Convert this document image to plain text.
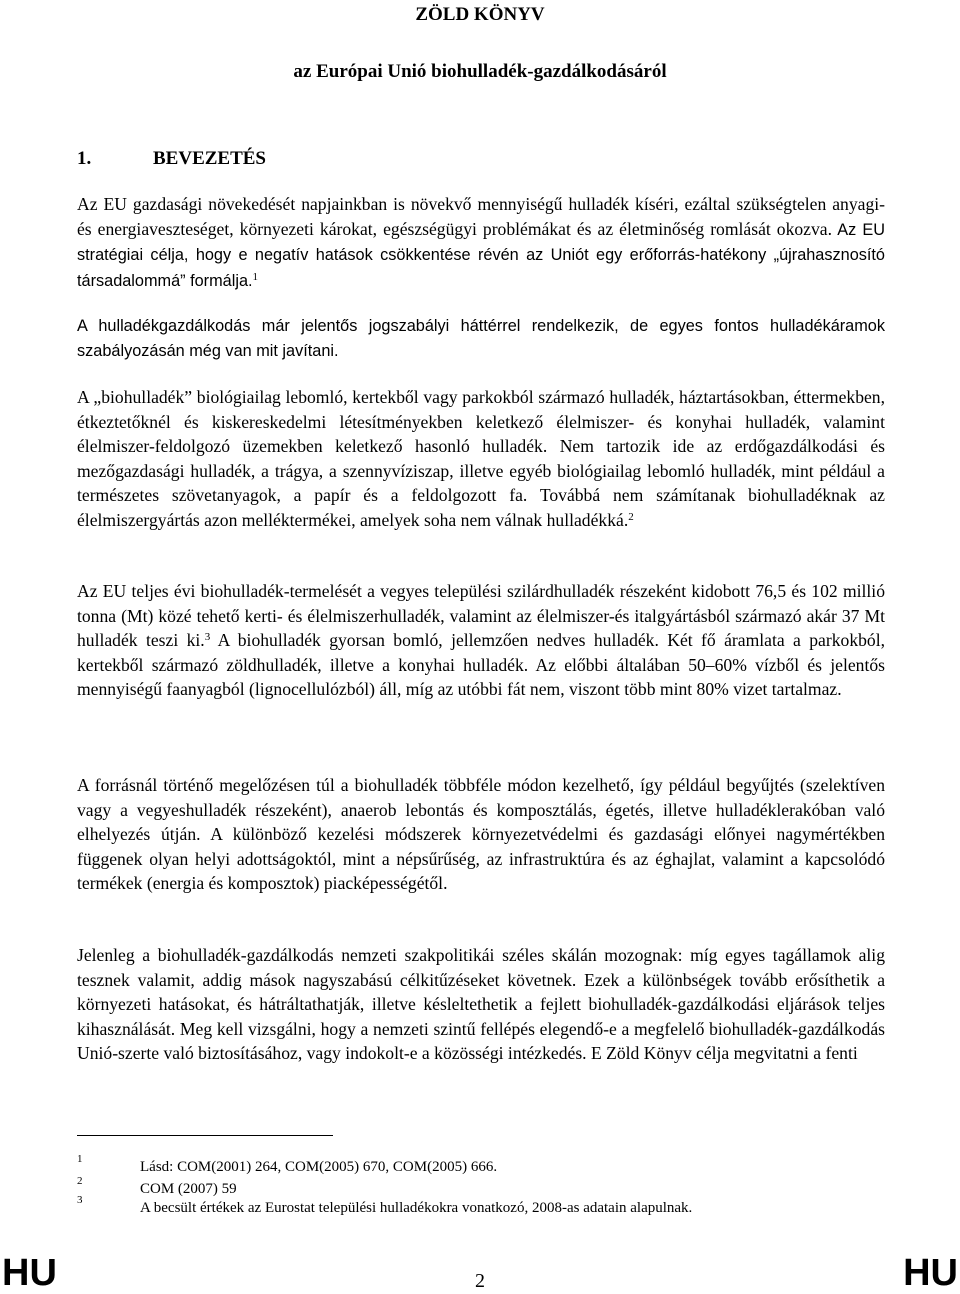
ZÖLD KÖNYV
az Európai Unió biohulladék-gazdálkodásáról
1.	BEVEZETÉS

Az EU gazdasági növekedését napjainkban is növekvő mennyiségű hulladék kíséri, ezáltal szükségtelen anyagi- és energiaveszteséget, környezeti károkat, egészségügyi problémákat és az életminőség romlását okozva. Az EU stratégiai célja, hogy e negatív hatások csökkentése révén az Uniót egy erőforrás-hatékony „újrahasznosító társadalommá” formálja.$^1$

A hulladékgazdálkodás már jelentős jogszabályi háttérrel rendelkezik, de egyes fontos hulladékáramok szabályozásán még van mit javítani.

A „biohulladék” biológiailag lebomló, kertekből vagy parkokból származó hulladék, háztartásokban, éttermekben, étkeztetőknél és kiskereskedelmi létesítményekben keletkező élelmiszer- és konyhai hulladék, valamint élelmiszer-feldolgozó üzemekben keletkező hasonló hulladék. Nem tartozik ide az erdőgazdálkodási és mezőgazdasági hulladék, a trágya, a szennyvíziszap, illetve egyéb biológiailag lebomló hulladék, mint például a természetes szövetanyagok, a papír és a feldolgozott fa. Továbbá nem számítanak biohulladéknak az élelmiszergyártás azon melléktermékei, amelyek soha nem válnak hulladékká.$^2$

Az EU teljes évi biohulladék-termelését a vegyes települési szilárdhulladék részeként kidobott 76,5 és 102 millió tonna (Mt) közé tehető kerti- és élelmiszerhulladék, valamint az élelmiszer-és italgyártásból származó akár 37 Mt hulladék teszi ki.$^3$ A biohulladék gyorsan bomló, jellemzően nedves hulladék. Két fő áramlata a parkokból, kertekből származó zöldhulladék, illetve a konyhai hulladék. Az előbbi általában 50–60% vízből és jelentős mennyiségű faanyagból (lignocellulózból) áll, míg az utóbbi fát nem, viszont több mint 80% vizet tartalmaz.

A forrásnál történő megelőzésen túl a biohulladék többféle módon kezelhető, így például begyűjtés (szelektíven vagy a vegyeshulladék részeként), anaerob lebontás és komposztálás, égetés, illetve hulladéklerakóban való elhelyezés útján. A különböző kezelési módszerek környezetvédelmi és gazdasági előnyei nagymértékben függenek olyan helyi adottságoktól, mint a népsűrűség, az infrastruktúra és az éghajlat, valamint a kapcsolódó termékek (energia és komposztok) piacképességétől.

Jelenleg a biohulladék-gazdálkodás nemzeti szakpolitikái széles skálán mozognak: míg egyes tagállamok alig tesznek valamit, addig mások nagyszabású célkitűzéseket követnek. Ezek a különbségek tovább erősíthetik a környezeti hatásokat, és hátráltathatják, illetve késleltethetik a fejlett biohulladék-gazdálkodási eljárások teljes kihasználását. Meg kell vizsgálni, hogy a nemzeti szintű fellépés elegendő-e a megfelelő biohulladék-gazdálkodás Unió-szerte való biztosításához, vagy indokolt-e a közösségi intézkedés. E Zöld Könyv célja megvitatni a fenti

1	Lásd: COM(2001) 264, COM(2005) 670, COM(2005) 666.
2	COM (2007) 59
3	A becsült értékek az Eurostat települési hulladékokra vonatkozó, 2008-as adatain alapulnak.
HU	2	HU
